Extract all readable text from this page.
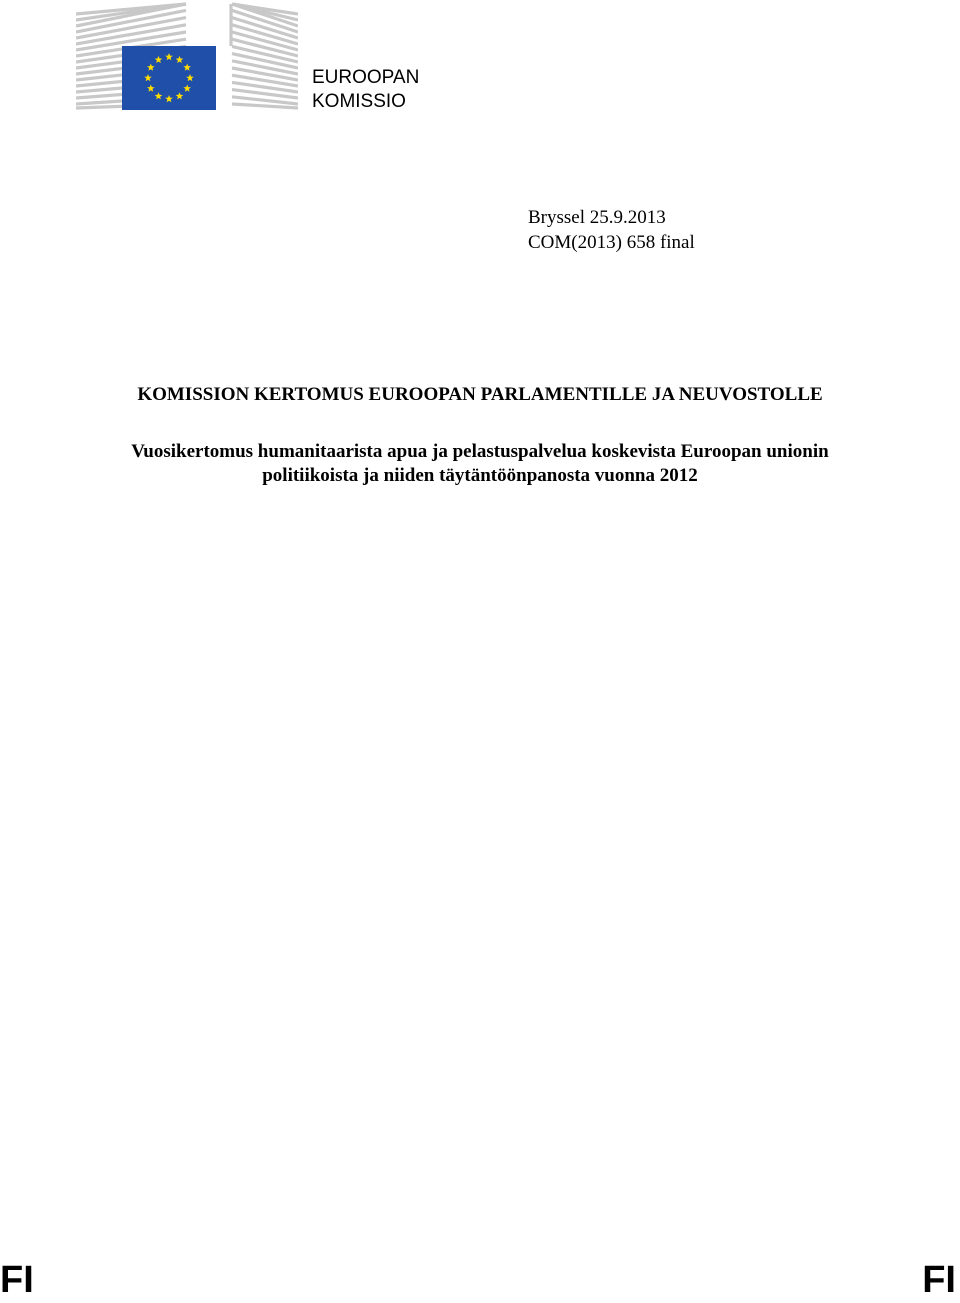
EUROOPAN
KOMISSIO
Bryssel 25.9.2013
COM(2013) 658 final

KOMISSION KERTOMUS EUROOPAN PARLAMENTILLE JA NEUVOSTOLLE

Vuosikertomus humanitaarista apua ja pelastuspalvelua koskevista Euroopan unionin
politiikoista ja niiden täytäntöönpanosta vuonna 2012
FI	FI
